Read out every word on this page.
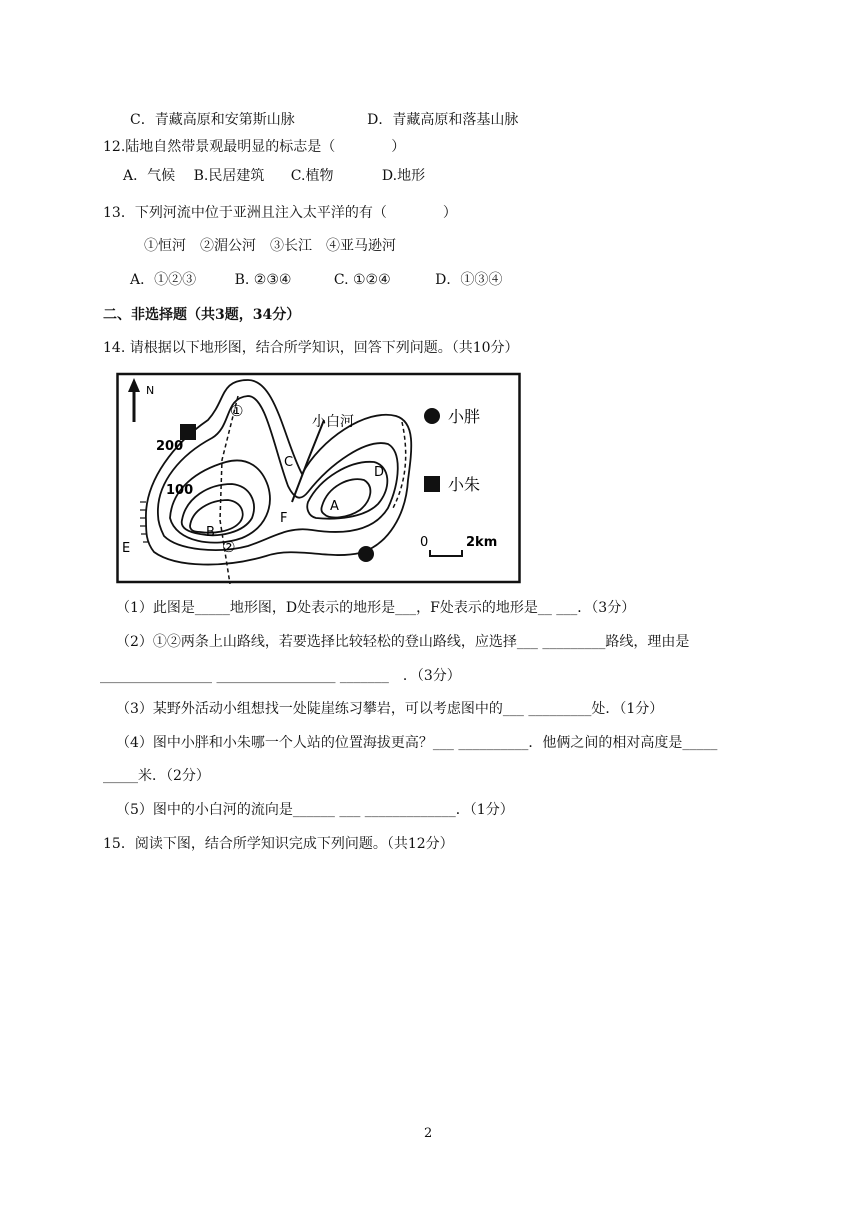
C．青藏高原和安第斯山脉	D．青藏高原和落基山脉
12.陆地自然带景观最明显的标志是（　　　　）
A．气候 B.民居建筑 C.植物	D.地形
13．下列河流中位于亚洲且注入太平洋的有（　　　　）
①恒河　②湄公河　③长江　④亚马逊河
A．①②③	B. ②③④	C. ①②④	D．①③④
二、非选择题（共3题，34分）
14. 请根据以下地形图，结合所学知识，回答下列问题。（共10分）
N
200
100
小白河
B
A
C
D
E
F
①
②
小胖
小朱
0	2km
（1）此图是_____地形图，D处表示的地形是___，F处表示的地形是__ ___．（3分）
（2）①②两条上山路线，若要选择比较轻松的登山路线，应选择___ _________路线，理由是
________________ _________________ _______　．（3分）
（3）某野外活动小组想找一处陡崖练习攀岩，可以考虑图中的___ _________处．（1分）
（4）图中小胖和小朱哪一个人站的位置海拔更高？___ __________．他俩之间的相对高度是_____
_____米．（2分）
（5）图中的小白河的流向是______ ___ _____________．（1分）
15．阅读下图，结合所学知识完成下列问题。（共12分）
2
